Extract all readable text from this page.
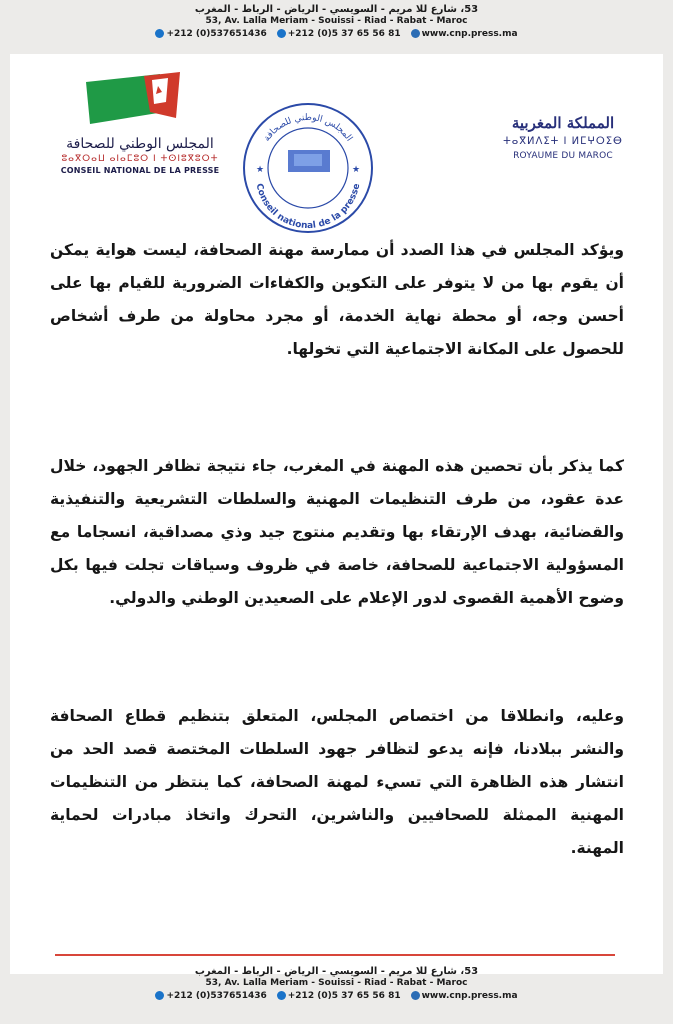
53، شارع للا مريم - السويسي - الرياض - الرباط - المغرب
53, Av. Lalla Meriam - Souissi - Riad - Rabat - Maroc
+212 (0)537651436	+212 (0)5 37 65 56 81	www.cnp.press.ma
المجلس الوطني للصحافة
ⵓⴰⴳⵔⴰⵡ ⴰⵏⴰⵎⵓⵔ ⵏ ⵜⵙⵏⵓⴳⵓⵔⵜ
CONSEIL NATIONAL DE LA PRESSE
المجلس الوطني للصحافة
Conseil national de la presse
★	★
المملكة المغربية
ⵜⴰⴳⵍⴷⵉⵜ ⵏ ⵍⵎⵖⵔⵉⴱ
ROYAUME DU MAROC

ويؤكد المجلس في هذا الصدد أن ممارسة مهنة الصحافة، ليست هواية يمكن أن يقوم بها من لا يتوفر على التكوين والكفاءات الضرورية للقيام بها على أحسن وجه، أو محطة نهاية الخدمة، أو مجرد محاولة من طرف أشخاص للحصول على المكانة الاجتماعية التي تخولها.

كما يذكر بأن تحصين هذه المهنة في المغرب، جاء نتيجة تظافر الجهود، خلال عدة عقود، من طرف التنظيمات المهنية والسلطات التشريعية والتنفيذية والقضائية، بهدف الإرتقاء بها وتقديم منتوج جيد وذي مصداقية، انسجاما مع المسؤولية الاجتماعية للصحافة، خاصة في ظروف وسياقات تجلت فيها بكل وضوح الأهمية القصوى لدور الإعلام على الصعيدين الوطني والدولي.

وعليه، وانطلاقا من اختصاص المجلس، المتعلق بتنظيم قطاع الصحافة والنشر ببلادنا، فإنه يدعو لتظافر جهود السلطات المختصة قصد الحد من انتشار هذه الظاهرة التي تسيء لمهنة الصحافة، كما ينتظر من التنظيمات المهنية الممثلة للصحافيين والناشرين، التحرك واتخاذ مبادرات لحماية المهنة.

53، شارع للا مريم - السويسي - الرياض - الرباط - المغرب
53, Av. Lalla Meriam - Souissi - Riad - Rabat - Maroc
+212 (0)537651436	+212 (0)5 37 65 56 81	www.cnp.press.ma
